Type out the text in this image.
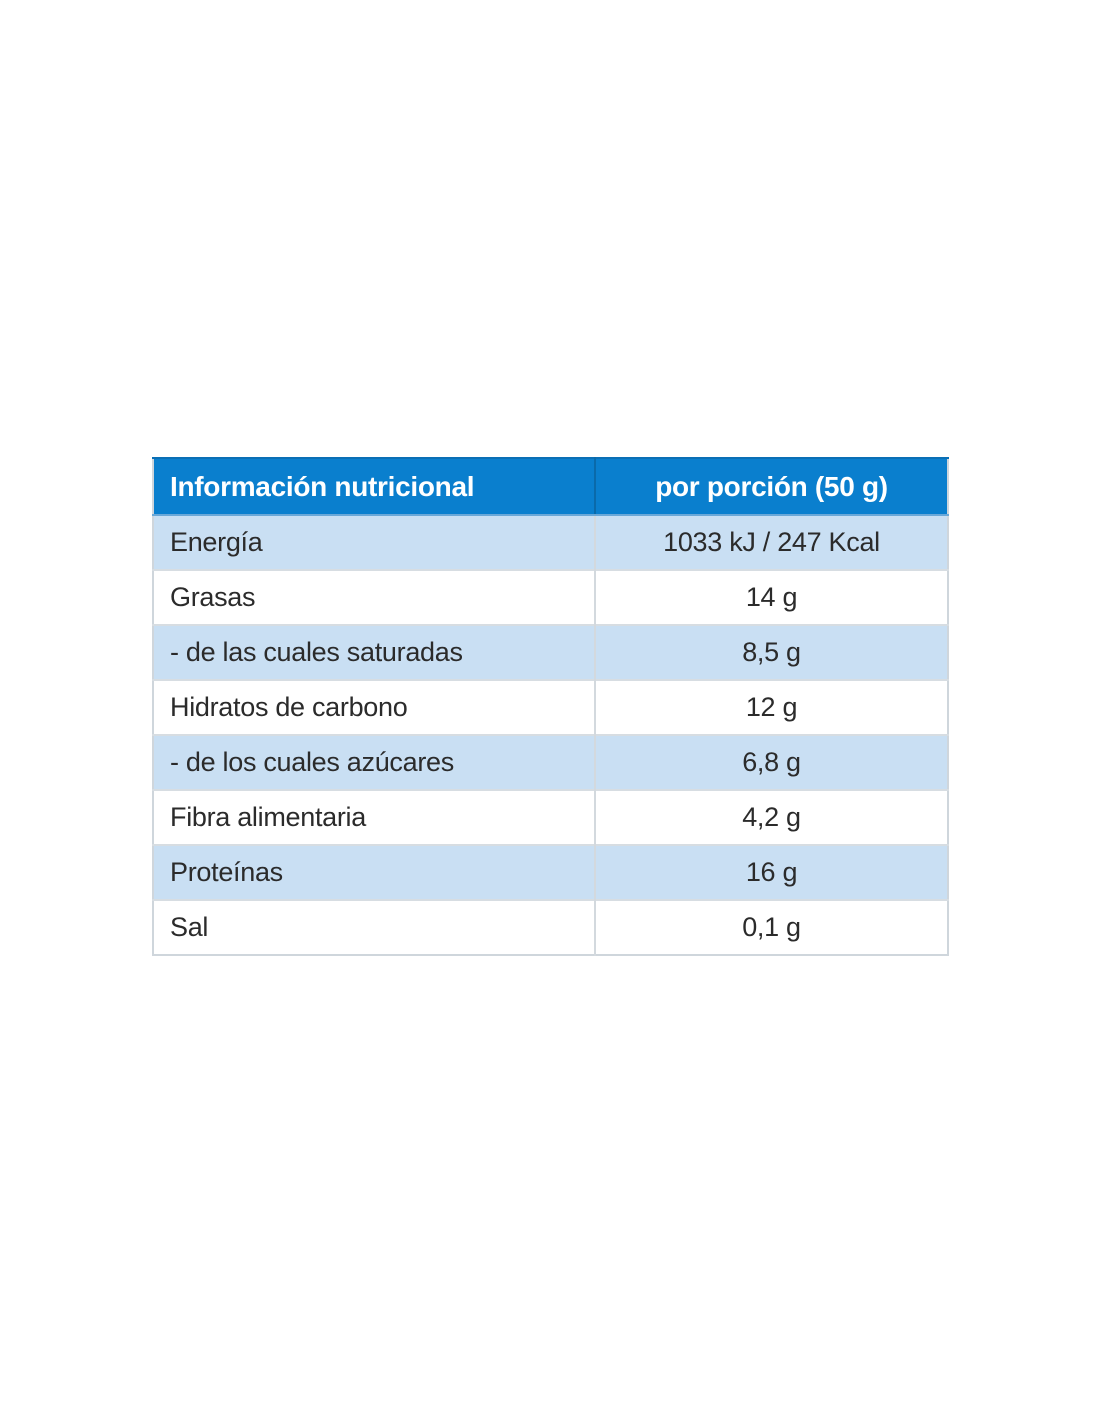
Información nutricional	por porción (50 g)
Energía	1033 kJ / 247 Kcal
Grasas	14 g
- de las cuales saturadas	8,5 g
Hidratos de carbono	12 g
- de los cuales azúcares	6,8 g
Fibra alimentaria	4,2 g
Proteínas	16 g
Sal	0,1 g
